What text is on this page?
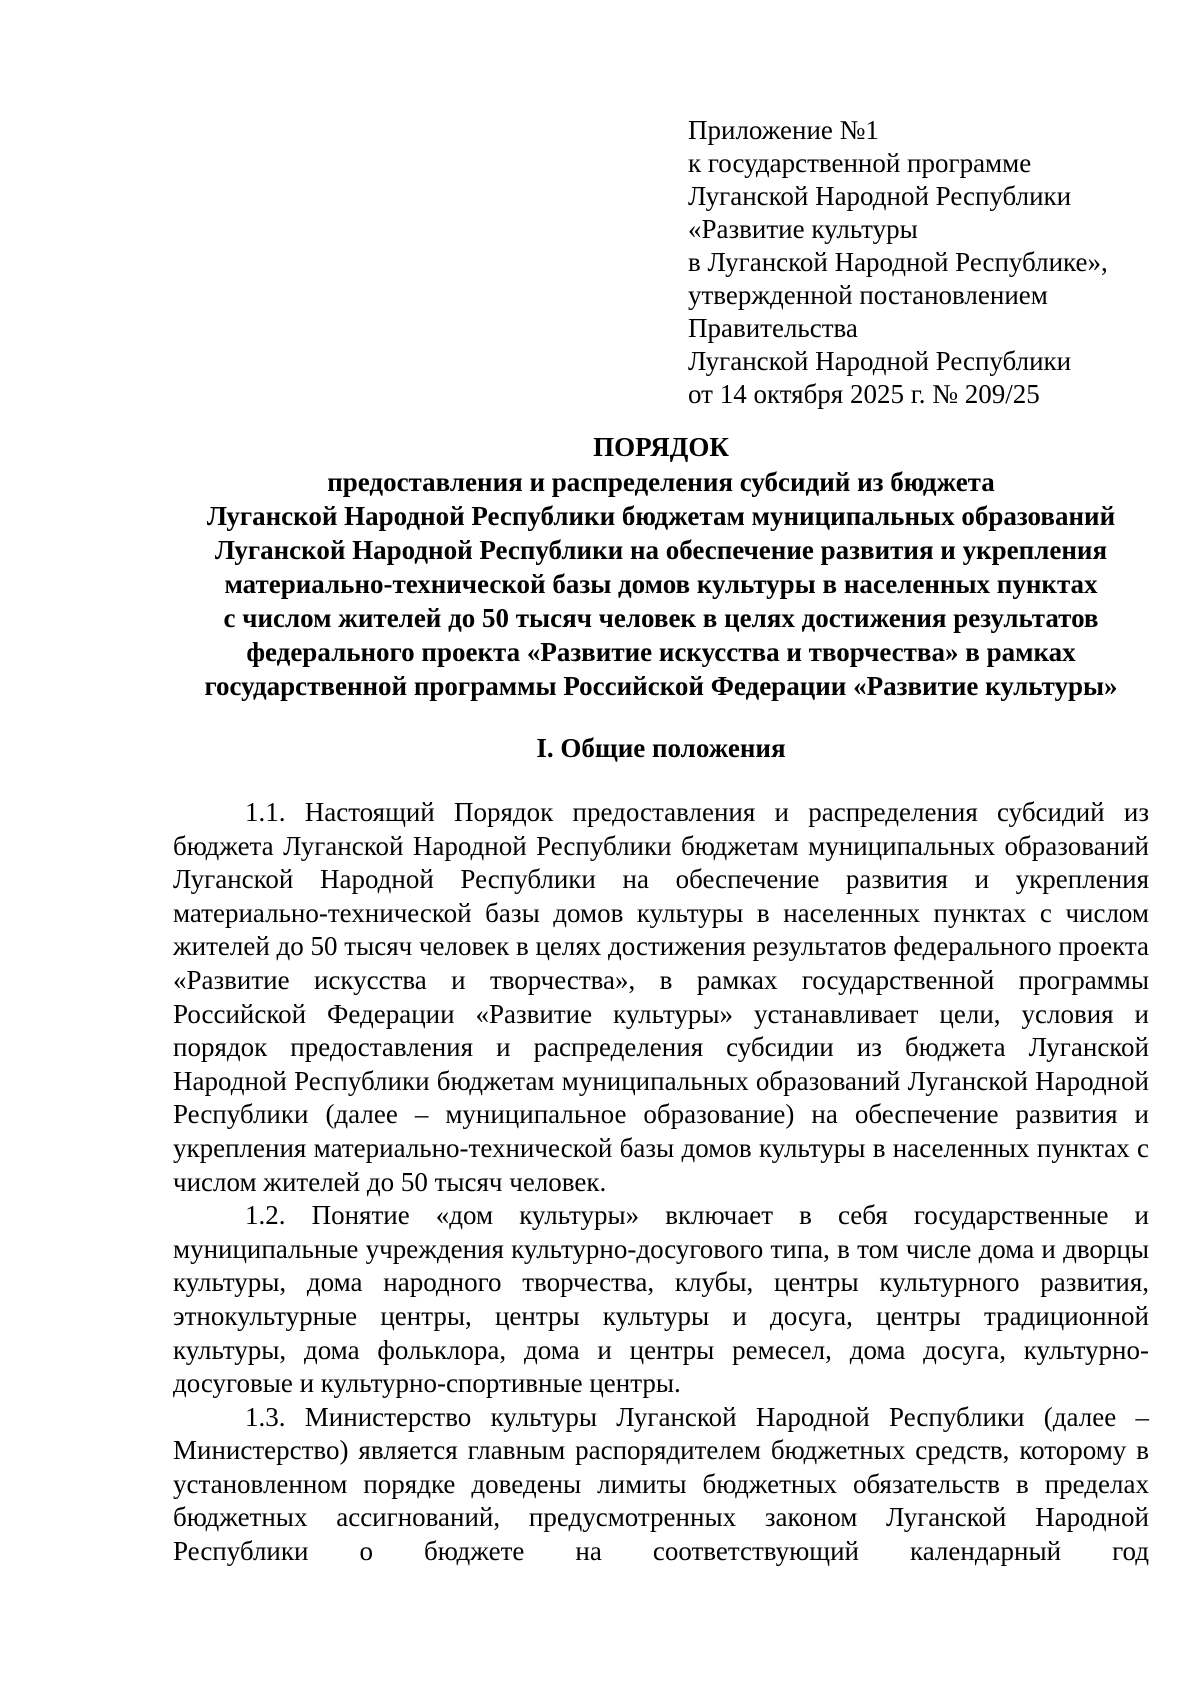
Приложение №1
к государственной программе
Луганской Народной Республики
«Развитие культуры
в Луганской Народной Республике»,
утвержденной постановлением
Правительства
Луганской Народной Республики
от 14 октября 2025 г. № 209/25
ПОРЯДОК
предоставления и распределения субсидий из бюджета
Луганской Народной Республики бюджетам муниципальных образований
Луганской Народной Республики на обеспечение развития и укрепления
материально-технической базы домов культуры в населенных пунктах
с числом жителей до 50 тысяч человек в целях достижения результатов
федерального проекта «Развитие искусства и творчества» в рамках
государственной программы Российской Федерации «Развитие культуры»
I. Общие положения

1.1. Настоящий Порядок предоставления и распределения субсидий из бюджета Луганской Народной Республики бюджетам муниципальных образований Луганской Народной Республики на обеспечение развития и укрепления материально-технической базы домов культуры в населенных пунктах с числом жителей до 50 тысяч человек в целях достижения результатов федерального проекта «Развитие искусства и творчества», в рамках государственной программы Российской Федерации «Развитие культуры» устанавливает цели, условия и порядок предоставления и распределения субсидии из бюджета Луганской Народной Республики бюджетам муниципальных образований Луганской Народной Республики (далее – муниципальное образование) на обеспечение развития и укрепления материально-технической базы домов культуры в населенных пунктах с числом жителей до 50 тысяч человек.

1.2. Понятие «дом культуры» включает в себя государственные и муниципальные учреждения культурно-досугового типа, в том числе дома и дворцы культуры, дома народного творчества, клубы, центры культурного развития, этнокультурные центры, центры культуры и досуга, центры традиционной культуры, дома фольклора, дома и центры ремесел, дома досуга, культурно-досуговые и культурно-спортивные центры.

1.3. Министерство культуры Луганской Народной Республики (далее – Министерство) является главным распорядителем бюджетных средств, которому в установленном порядке доведены лимиты бюджетных обязательств в пределах бюджетных ассигнований, предусмотренных законом Луганской Народной Республики о бюджете на соответствующий календарный год
